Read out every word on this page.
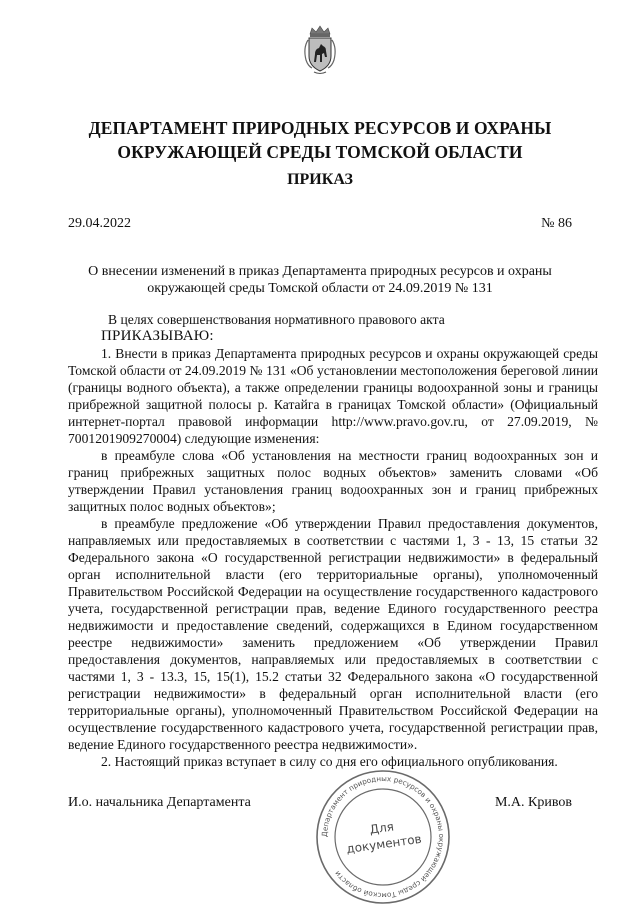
ДЕПАРТАМЕНТ ПРИРОДНЫХ РЕСУРСОВ И ОХРАНЫ ОКРУЖАЮЩЕЙ СРЕДЫ ТОМСКОЙ ОБЛАСТИ
ПРИКАЗ
29.04.2022	№ 86
О внесении изменений в приказ Департамента природных ресурсов и охраны окружающей среды Томской области от 24.09.2019 № 131

В целях совершенствования нормативного правового акта

ПРИКАЗЫВАЮ:

1. Внести в приказ Департамента природных ресурсов и охраны окружающей среды Томской области от 24.09.2019 № 131 «Об установлении местоположения береговой линии (границы водного объекта), а также определении границы водоохранной зоны и границы прибрежной защитной полосы р. Катайга в границах Томской области» (Официальный интернет-портал правовой информации http://www.pravo.gov.ru, от 27.09.2019, № 7001201909270004) следующие изменения:

в преамбуле слова «Об установления на местности границ водоохранных зон и границ прибрежных защитных полос водных объектов» заменить словами «Об утверждении Правил установления границ водоохранных зон и границ прибрежных защитных полос водных объектов»;

в преамбуле предложение «Об утверждении Правил предоставления документов, направляемых или предоставляемых в соответствии с частями 1, 3 - 13, 15 статьи 32 Федерального закона «О государственной регистрации недвижимости» в федеральный орган исполнительной власти (его территориальные органы), уполномоченный Правительством Российской Федерации на осуществление государственного кадастрового учета, государственной регистрации прав, ведение Единого государственного реестра недвижимости и предоставление сведений, содержащихся в Едином государственном реестре недвижимости» заменить предложением «Об утверждении Правил предоставления документов, направляемых или предоставляемых в соответствии с частями 1, 3 - 13.3, 15, 15(1), 15.2 статьи 32 Федерального закона «О государственной регистрации недвижимости» в федеральный орган исполнительной власти (его территориальные органы), уполномоченный Правительством Российской Федерации на осуществление государственного кадастрового учета, государственной регистрации прав, ведение Единого государственного реестра недвижимости».

2. Настоящий приказ вступает в силу со дня его официального опубликования.

И.о. начальника Департамента
Департамент природных ресурсов и охраны окружающей среды Томской области
Для
документов
М.А. Кривов
